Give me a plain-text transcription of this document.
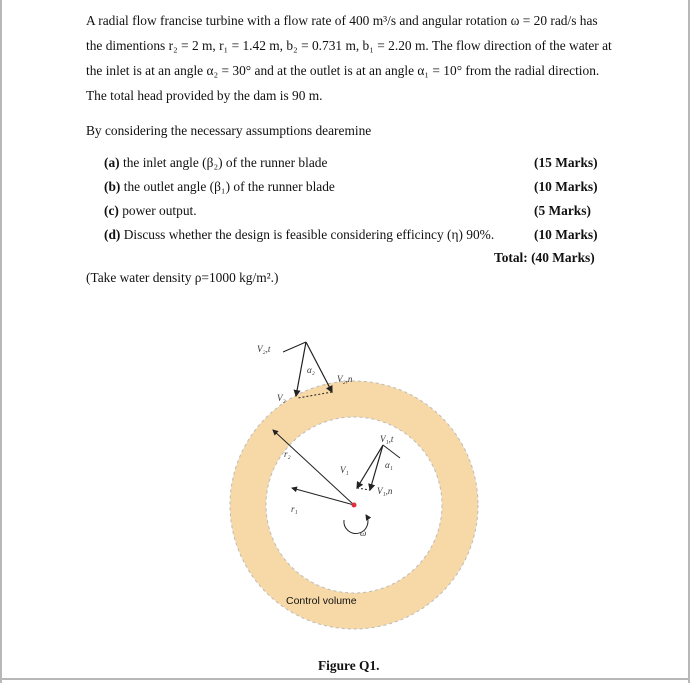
A radial flow francise turbine with a flow rate of 400 m³/s and angular rotation ω = 20 rad/s has
the dimentions r₂ = 2 m, r₁ = 1.42 m, b₂ = 0.731 m, b₁ = 2.20 m. The flow direction of the water at
the inlet is at an angle α₂ = 30° and at the outlet is at an angle α₁ = 10° from the radial direction.
The total head provided by the dam is 90 m.
By considering the necessary assumptions dearemine
(a) the inlet angle (β₂) of the runner blade	(15 Marks)
(b) the outlet angle (β₁) of the runner blade	(10 Marks)
(c) power output.	(5 Marks)
(d) Discuss whether the design is feasible considering efficincy (η) 90%.	(10 Marks)
Total: (40 Marks)
(Take water density ρ=1000 kg/m².)
V₂,t
V₂,n
V₂
α₂
V₁,t
V₁
V₁,n
α₁
r₂
r₁
ω
Control volume
Figure Q1.
